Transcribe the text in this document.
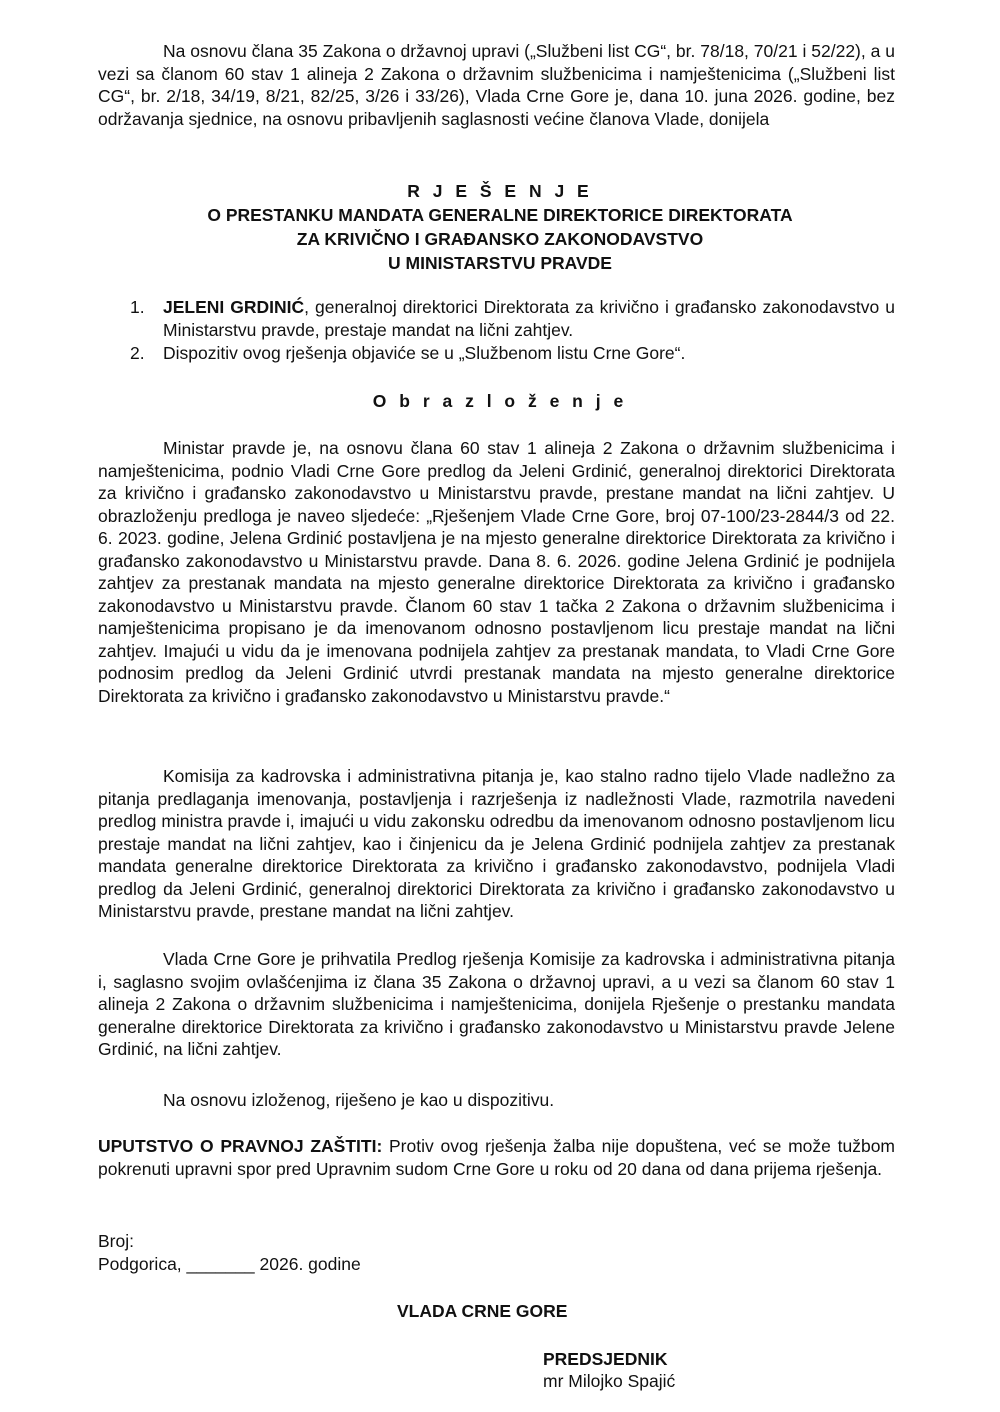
Na osnovu člana 35 Zakona o državnoj upravi („Službeni list CG“, br. 78/18, 70/21 i 52/22), a u vezi sa članom 60 stav 1 alineja 2 Zakona o državnim službenicima i namještenicima („Službeni list CG“, br. 2/18, 34/19, 8/21, 82/25, 3/26 i 33/26), Vlada Crne Gore je, dana 10. juna 2026. godine, bez održavanja sjednice, na osnovu pribavljenih saglasnosti većine članova Vlade, donijela

R J E Š E N J E

O PRESTANKU MANDATA GENERALNE DIREKTORICE DIREKTORATA

ZA KRIVIČNO I GRAĐANSKO ZAKONODAVSTVO

U MINISTARSTVU PRAVDE

1. JELENI GRDINIĆ, generalnoj direktorici Direktorata za krivično i građansko zakonodavstvo u Ministarstvu pravde, prestaje mandat na lični zahtjev.
2. Dispozitiv ovog rješenja objaviće se u „Službenom listu Crne Gore“.

O b r a z l o ž e n j e

Ministar pravde je, na osnovu člana 60 stav 1 alineja 2 Zakona o državnim službenicima i namještenicima, podnio Vladi Crne Gore predlog da Jeleni Grdinić, generalnoj direktorici Direktorata za krivično i građansko zakonodavstvo u Ministarstvu pravde, prestane mandat na lični zahtjev. U obrazloženju predloga je naveo sljedeće: „Rješenjem Vlade Crne Gore, broj 07-100/23-2844/3 od 22. 6. 2023. godine, Jelena Grdinić postavljena je na mjesto generalne direktorice Direktorata za krivično i građansko zakonodavstvo u Ministarstvu pravde. Dana 8. 6. 2026. godine Jelena Grdinić je podnijela zahtjev za prestanak mandata na mjesto generalne direktorice Direktorata za krivično i građansko zakonodavstvo u Ministarstvu pravde. Članom 60 stav 1 tačka 2 Zakona o državnim službenicima i namještenicima propisano je da imenovanom odnosno postavljenom licu prestaje mandat na lični zahtjev. Imajući u vidu da je imenovana podnijela zahtjev za prestanak mandata, to Vladi Crne Gore podnosim predlog da Jeleni Grdinić utvrdi prestanak mandata na mjesto generalne direktorice Direktorata za krivično i građansko zakonodavstvo u Ministarstvu pravde.“

Komisija za kadrovska i administrativna pitanja je, kao stalno radno tijelo Vlade nadležno za pitanja predlaganja imenovanja, postavljenja i razrješenja iz nadležnosti Vlade, razmotrila navedeni predlog ministra pravde i, imajući u vidu zakonsku odredbu da imenovanom odnosno postavljenom licu prestaje mandat na lični zahtjev, kao i činjenicu da je Jelena Grdinić podnijela zahtjev za prestanak mandata generalne direktorice Direktorata za krivično i građansko zakonodavstvo, podnijela Vladi predlog da Jeleni Grdinić, generalnoj direktorici Direktorata za krivično i građansko zakonodavstvo u Ministarstvu pravde, prestane mandat na lični zahtjev.

Vlada Crne Gore je prihvatila Predlog rješenja Komisije za kadrovska i administrativna pitanja i, saglasno svojim ovlašćenjima iz člana 35 Zakona o državnoj upravi, a u vezi sa članom 60 stav 1 alineja 2 Zakona o državnim službenicima i namještenicima, donijela Rješenje o prestanku mandata generalne direktorice Direktorata za krivično i građansko zakonodavstvo u Ministarstvu pravde Jelene Grdinić, na lični zahtjev.

Na osnovu izloženog, riješeno je kao u dispozitivu.

UPUTSTVO O PRAVNOJ ZAŠTITI: Protiv ovog rješenja žalba nije dopuštena, već se može tužbom pokrenuti upravni spor pred Upravnim sudom Crne Gore u roku od 20 dana od dana prijema rješenja.

Broj:

Podgorica, _______ 2026. godine

VLADA CRNE GORE

PREDSJEDNIK

mr Milojko Spajić
